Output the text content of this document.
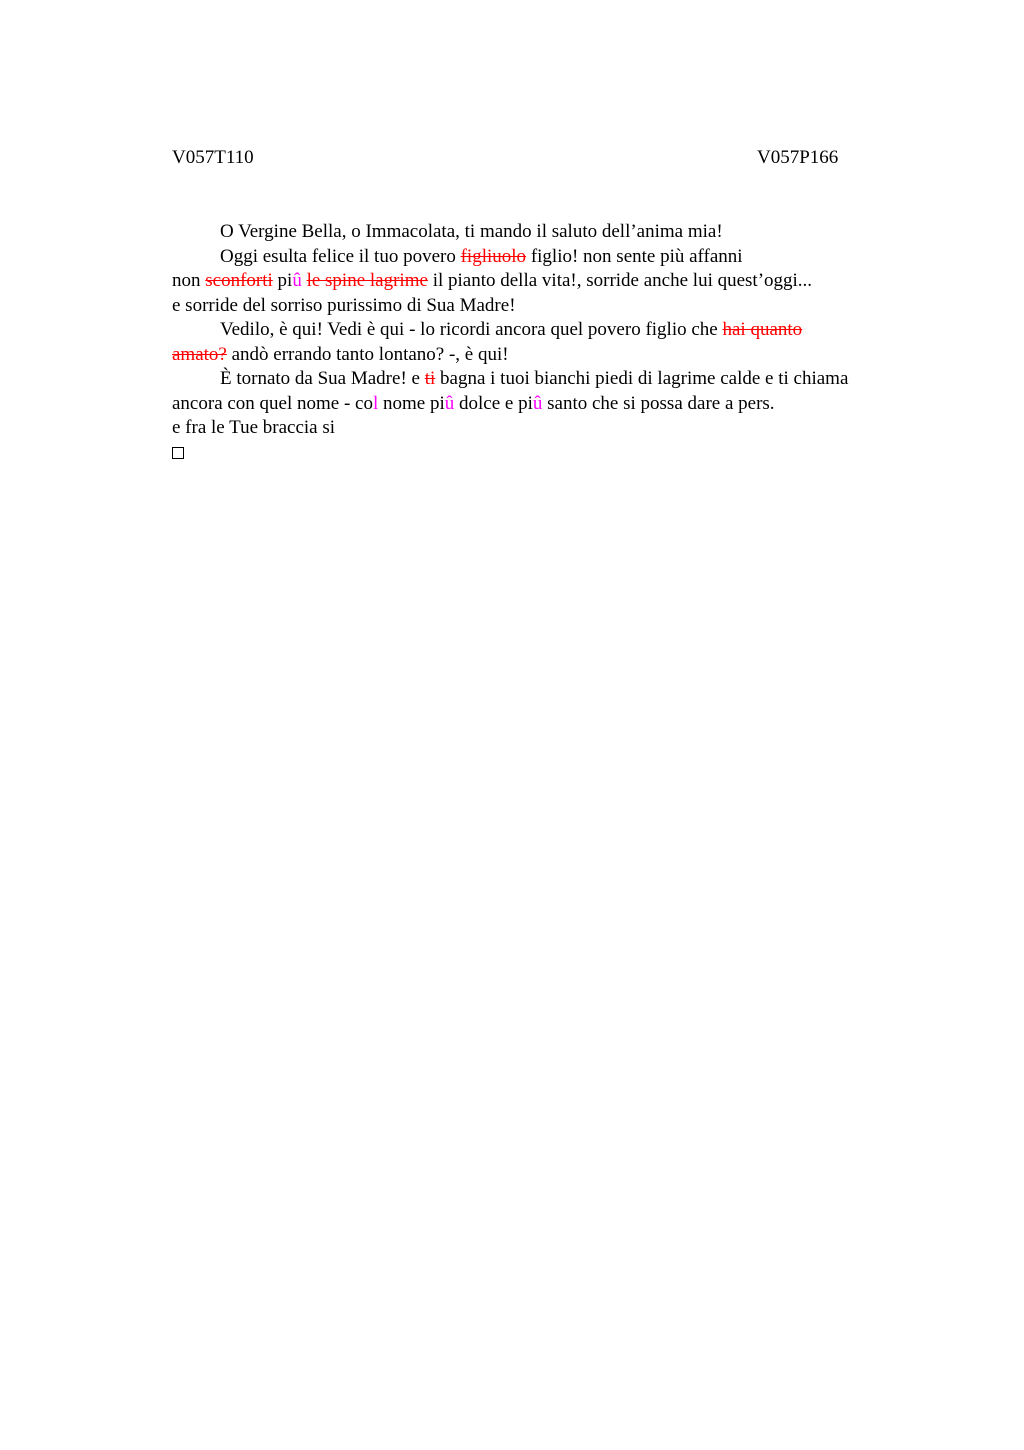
V057T110	V057P166
O Vergine Bella, o Immacolata, ti mando il saluto dell’anima mia!
Oggi esulta felice il tuo povero figliuolo figlio! non sente più affanni
non sconforti piû le spine lagrime il pianto della vita!, sorride anche lui quest’oggi...
e sorride del sorriso purissimo di Sua Madre!
Vedilo, è qui! Vedi è qui - lo ricordi ancora quel povero figlio che hai quanto
amato? andò errando tanto lontano? -, è qui!
È tornato da Sua Madre! e ti bagna i tuoi bianchi piedi di lagrime calde e ti chiama
ancora con quel nome - col nome piû dolce e piû santo che si possa dare a pers.
e fra le Tue braccia si
